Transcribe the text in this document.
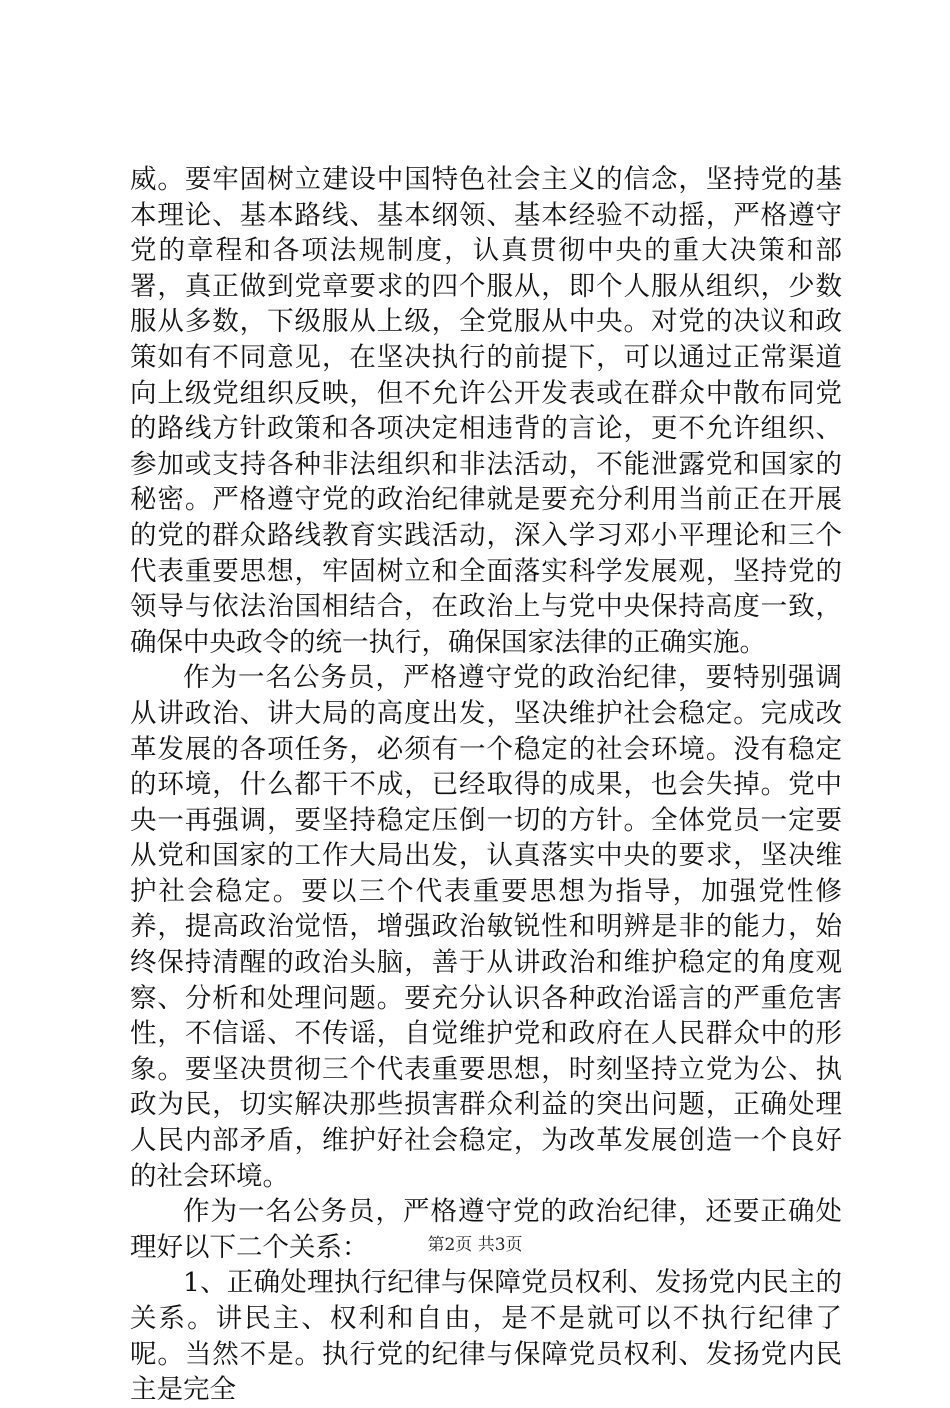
威。要牢固树立建设中国特色社会主义的信念，坚持党的基本理论、基本路线、基本纲领、基本经验不动摇，严格遵守党的章程和各项法规制度，认真贯彻中央的重大决策和部署，真正做到党章要求的四个服从，即个人服从组织，少数服从多数，下级服从上级，全党服从中央。对党的决议和政策如有不同意见，在坚决执行的前提下，可以通过正常渠道向上级党组织反映，但不允许公开发表或在群众中散布同党的路线方针政策和各项决定相违背的言论，更不允许组织、参加或支持各种非法组织和非法活动，不能泄露党和国家的秘密。严格遵守党的政治纪律就是要充分利用当前正在开展的党的群众路线教育实践活动，深入学习邓小平理论和三个代表重要思想，牢固树立和全面落实科学发展观，坚持党的领导与依法治国相结合，在政治上与党中央保持高度一致，确保中央政令的统一执行，确保国家法律的正确实施。

作为一名公务员，严格遵守党的政治纪律，要特别强调从讲政治、讲大局的高度出发，坚决维护社会稳定。完成改革发展的各项任务，必须有一个稳定的社会环境。没有稳定的环境，什么都干不成，已经取得的成果，也会失掉。党中央一再强调，要坚持稳定压倒一切的方针。全体党员一定要从党和国家的工作大局出发，认真落实中央的要求，坚决维护社会稳定。要以三个代表重要思想为指导，加强党性修养，提高政治觉悟，增强政治敏锐性和明辨是非的能力，始终保持清醒的政治头脑，善于从讲政治和维护稳定的角度观察、分析和处理问题。要充分认识各种政治谣言的严重危害性，不信谣、不传谣，自觉维护党和政府在人民群众中的形象。要坚决贯彻三个代表重要思想，时刻坚持立党为公、执政为民，切实解决那些损害群众利益的突出问题，正确处理人民内部矛盾，维护好社会稳定，为改革发展创造一个良好的社会环境。

作为一名公务员，严格遵守党的政治纪律，还要正确处理好以下二个关系：

1、正确处理执行纪律与保障党员权利、发扬党内民主的关系。讲民主、权利和自由，是不是就可以不执行纪律了呢。当然不是。执行党的纪律与保障党员权利、发扬党内民主是完全

第2页 共3页
